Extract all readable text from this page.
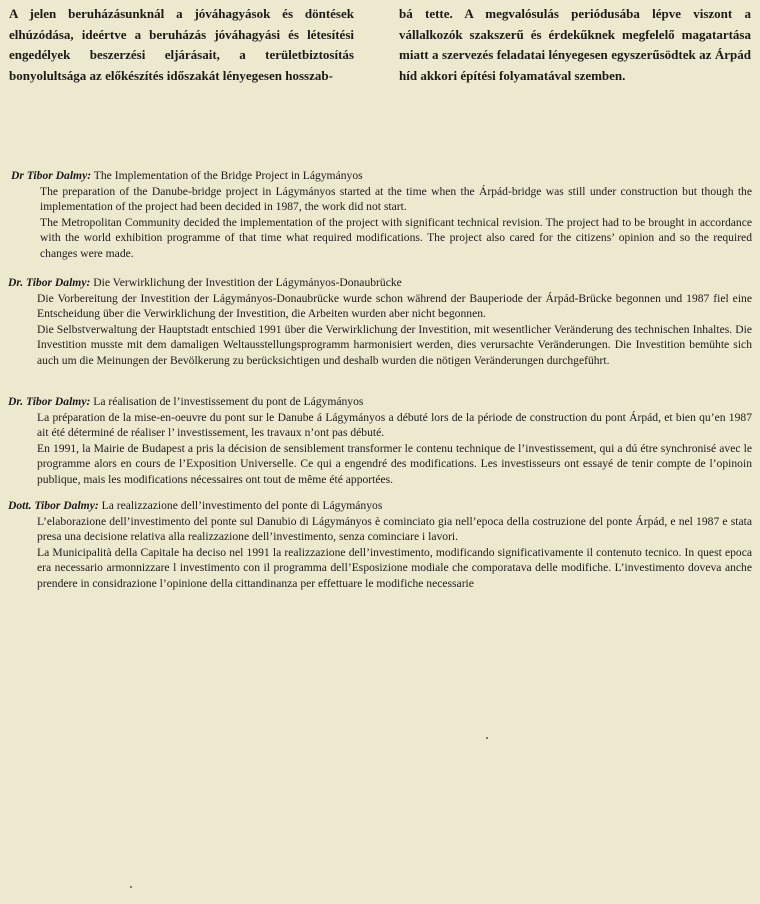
A jelen beruházásunknál a jóváhagyások és döntések elhúzódása, ideértve a beruházás jóváhagyási és létesítési engedélyek beszerzési eljárásait, a területbiztosítás bonyolultsága az előkészítés időszakát lényegesen hosszab-
bá tette. A megvalósulás periódusába lépve viszont a vállalkozók szakszerű és érdekűknek megfelelő magatartása miatt a szervezés feladatai lényegesen egyszerűsödtek az Árpád híd akkori építési folyamatával szemben.
Dr Tibor Dalmy: The Implementation of the Bridge Project in Lágymányos

The preparation of the Danube-bridge project in Lágymányos started at the time when the Árpád-bridge was still under construction but though the implementation of the project had been decided in 1987, the work did not start.

The Metropolitan Community decided the implementation of the project with significant technical revision. The project had to be brought in accordance with the world exhibition programme of that time what required modifications. The project also cared for the citizens’ opinion and so the required changes were made.

Dr. Tibor Dalmy: Die Verwirklichung der Investition der Lágymányos-Donaubrücke

Die Vorbereitung der Investition der Lágymányos-Donaubrücke wurde schon während der Bauperiode der Árpád-Brücke begonnen und 1987 fiel eine Entscheidung über die Verwirklichung der Investition, die Arbeiten wurden aber nicht begonnen.

Die Selbstverwaltung der Hauptstadt entschied 1991 über die Verwirklichung der Investition, mit wesentlicher Veränderung des technischen Inhaltes. Die Investition musste mit dem damaligen Weltausstellungsprogramm harmonisiert werden, dies verursachte Veränderungen. Die Investition bemühte sich auch um die Meinungen der Bevölkerung zu berücksichtigen und deshalb wurden die nötigen Veränderungen durchgeführt.

Dr. Tibor Dalmy: La réalisation de l’investissement du pont de Lágymányos

La préparation de la mise-en-oeuvre du pont sur le Danube á Lágymányos a débuté lors de la période de construction du pont Árpád, et bien qu’en 1987 ait été déterminé de réaliser l’ investissement, les travaux n’ont pas débuté.

En 1991, la Mairie de Budapest a pris la décision de sensiblement transformer le contenu technique de l’investissement, qui a dú étre synchronisé avec le programme alors en cours de l’Exposition Universelle. Ce qui a engendré des modifications. Les investisseurs ont essayé de tenir compte de l’opinoin publique, mais les modifications nécessaires ont tout de même été apportées.

Dott. Tibor Dalmy: La realizzazione dell’investimento del ponte di Lágymányos

L’elaborazione dell’investimento del ponte sul Danubio di Lágymányos è cominciato gia nell’epoca della costruzione del ponte Árpád, e nel 1987 e stata presa una decisione relativa alla realizzazione dell’investimento, senza cominciare i lavori.

La Municipalità della Capitale ha deciso nel 1991 la realizzazione dell’investimento, modificando significativamente il contenuto tecnico. In quest epoca era necessario armonnizzare l investimento con il programma dell’Esposizione modiale che comporatava delle modifiche. L’investimento doveva anche prendere in considrazione l’opinione della cittandinanza per effettuare le modifiche necessarie
